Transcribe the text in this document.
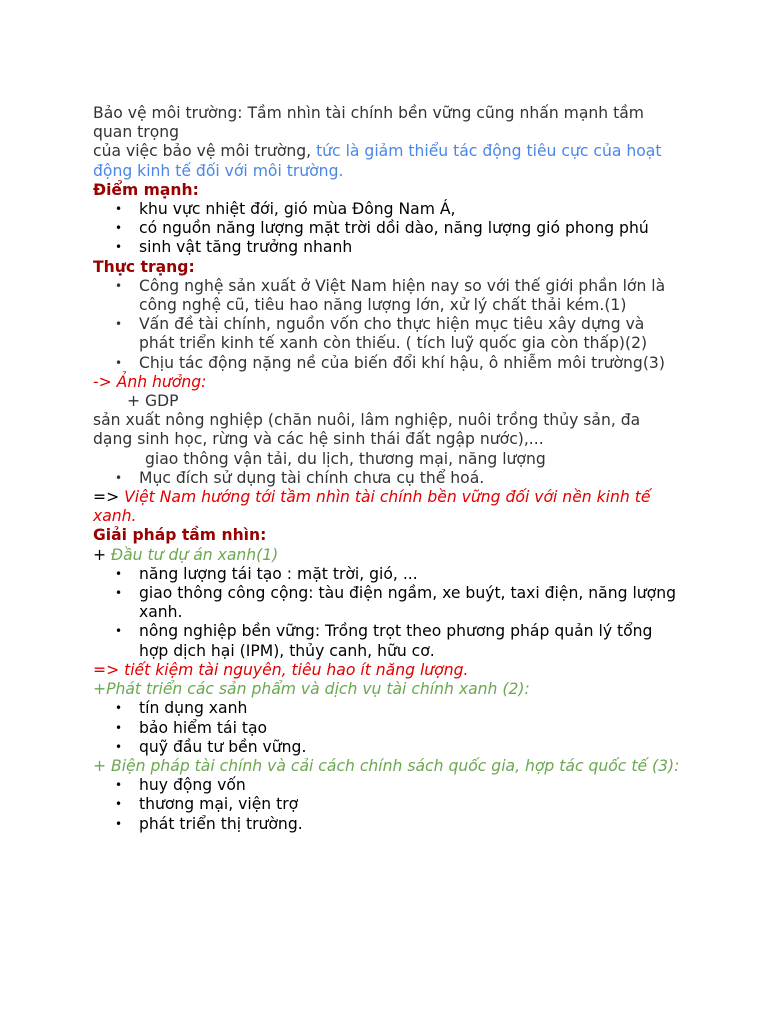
Bảo vệ môi trường: Tầm nhìn tài chính bền vững cũng nhấn mạnh tầm quan trọng

của việc bảo vệ môi trường, tức là giảm thiểu tác động tiêu cực của hoạt động kinh tế đối với môi trường.

Điểm mạnh:

• khu vực nhiệt đới, gió mùa Đông Nam Á,
• có nguồn năng lượng mặt trời dồi dào, năng lượng gió phong phú
• sinh vật tăng trưởng nhanh

Thực trạng:

• Công nghệ sản xuất ở Việt Nam hiện nay so với thế giới phần lớn là công nghệ cũ, tiêu hao năng lượng lớn, xử lý chất thải kém.(1)
• Vấn đề tài chính, nguồn vốn cho thực hiện mục tiêu xây dựng và phát triển kinh tế xanh còn thiếu. ( tích luỹ quốc gia còn thấp)(2)
• Chịu tác động nặng nề của biến đổi khí hậu, ô nhiễm môi trường(3)

-> Ảnh hưởng:

+ GDP

sản xuất nông nghiệp (chăn nuôi, lâm nghiệp, nuôi trồng thủy sản, đa dạng sinh học, rừng và các hệ sinh thái đất ngập nước),...

giao thông vận tải, du lịch, thương mại, năng lượng

• Mục đích sử dụng tài chính chưa cụ thể hoá.

=> Việt Nam hướng tới tầm nhìn tài chính bền vững đối với nền kinh tế xanh.

Giải pháp tầm nhìn:

+ Đầu tư dự án xanh(1)

• năng lượng tái tạo : mặt trời, gió, ...
• giao thông công cộng: tàu điện ngầm, xe buýt, taxi điện, năng lượng xanh.
• nông nghiệp bền vững: Trồng trọt theo phương pháp quản lý tổng hợp dịch hại (IPM), thủy canh, hữu cơ.

=> tiết kiệm tài nguyên, tiêu hao ít năng lượng.

+Phát triển các sản phẩm và dịch vụ tài chính xanh (2):

• tín dụng xanh
• bảo hiểm tái tạo
• quỹ đầu tư bền vững.

+ Biện pháp tài chính và cải cách chính sách quốc gia, hợp tác quốc tế (3):

• huy động vốn
• thương mại, viện trợ
• phát triển thị trường.
